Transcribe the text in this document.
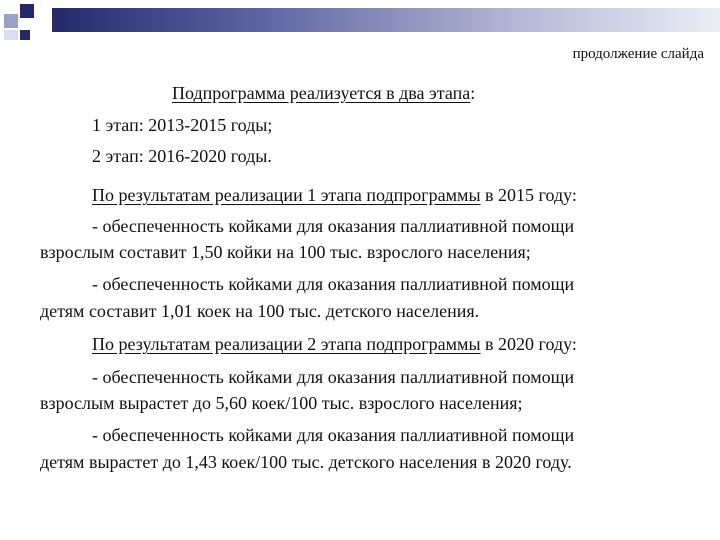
продолжение слайда
Подпрограмма реализуется в два этапа:
1 этап: 2013-2015 годы;
2 этап: 2016-2020 годы.
По результатам реализации 1 этапа подпрограммы в 2015 году:
- обеспеченность койками для оказания паллиативной помощи
взрослым составит 1,50 койки на 100 тыс. взрослого населения;
- обеспеченность койками для оказания паллиативной помощи
детям составит 1,01 коек на 100 тыс. детского населения.
По результатам реализации 2 этапа подпрограммы в 2020 году:
- обеспеченность койками для оказания паллиативной помощи
взрослым вырастет до 5,60 коек/100 тыс. взрослого населения;
- обеспеченность койками для оказания паллиативной помощи
детям вырастет до 1,43 коек/100 тыс. детского населения в 2020 году.
